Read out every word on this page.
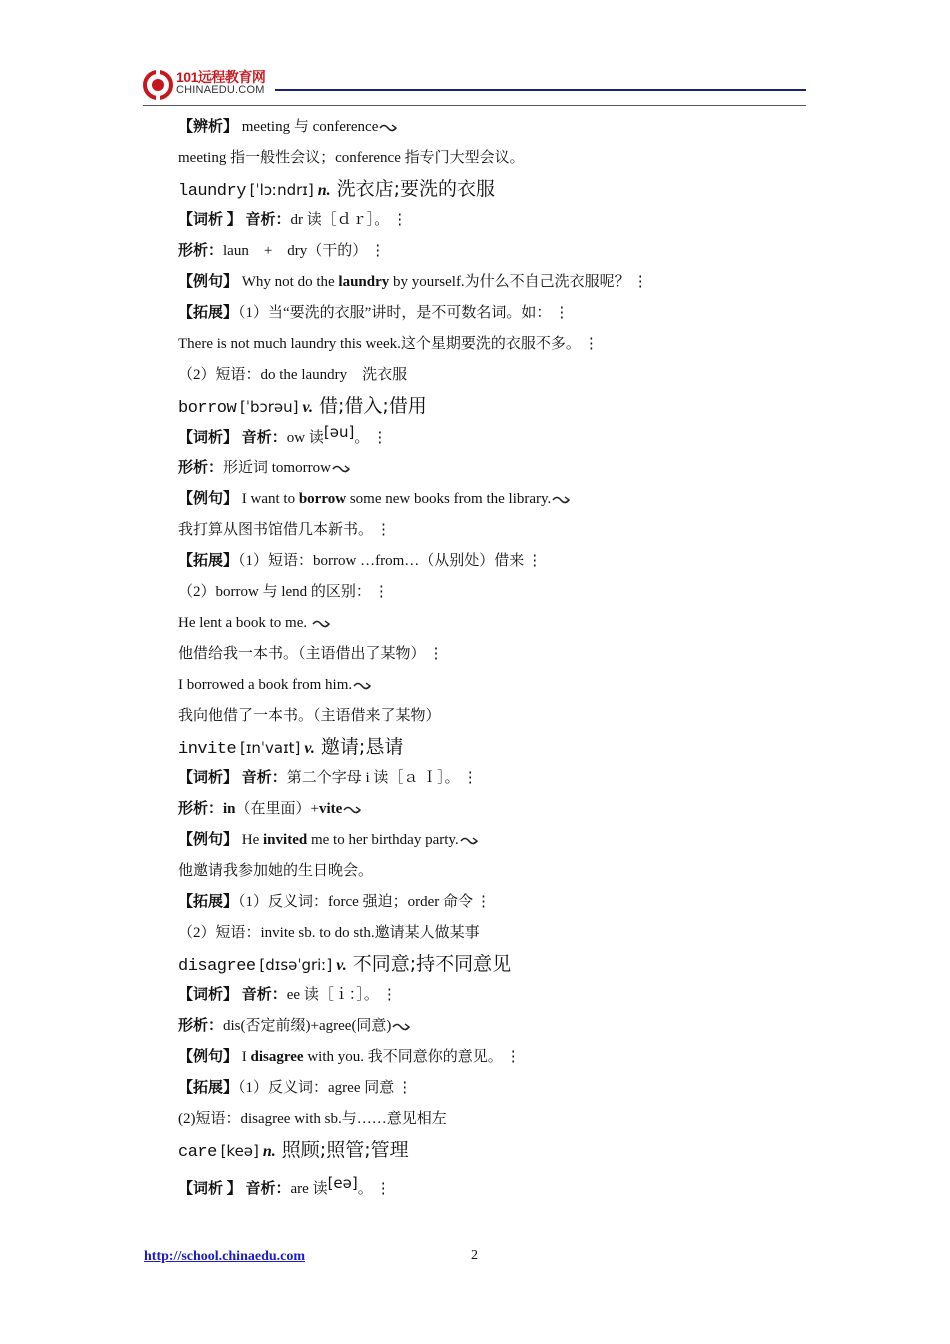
101远程教育网
CHINAEDU.COM
【辨析】 meeting 与 conference
meeting 指一般性会议；conference 指专门大型会议。
laundry [ˈlɔːndrɪ] n. 洗衣店;要洗的衣服
【词析 】 音析：dr 读［ｄｒ］。 ⋮
形析：laun　+　dry（干的） ⋮
【例句】 Why not do the laundry by yourself.为什么不自己洗衣服呢？ ⋮
【拓展】（1）当“要洗的衣服”讲时，是不可数名词。如： ⋮
There is not much laundry this week.这个星期要洗的衣服不多。 ⋮
（2）短语：do the laundry　洗衣服
borrow [ˈbɔrəu] v. 借;借入;借用
【词析】 音析：ow 读[əu]。 ⋮
形析：形近词 tomorrow
【例句】 I want to borrow some new books from the library.
我打算从图书馆借几本新书。 ⋮
【拓展】（1）短语：borrow …from…（从别处）借来 ⋮
（2）borrow 与 lend 的区别： ⋮
He lent a book to me.
他借给我一本书。（主语借出了某物） ⋮
I borrowed a book from him.
我向他借了一本书。（主语借来了某物）
invite [ɪnˈvaɪt] v. 邀请;恳请
【词析】 音析：第二个字母 i 读［ａ Ｉ］。 ⋮
形析：in（在里面）+vite
【例句】 He invited me to her birthday party.
他邀请我参加她的生日晚会。
【拓展】（1）反义词：force 强迫；order 命令 ⋮
（2）短语：invite sb. to do sth.邀请某人做某事
disagree [dɪsəˈgriː] v. 不同意;持不同意见
【词析】 音析：ee 读［ｉ：］。 ⋮
形析：dis(否定前缀)+agree(同意)
【例句】 I disagree with you. 我不同意你的意见。 ⋮
【拓展】（1）反义词：agree 同意 ⋮
(2)短语：disagree with sb.与……意见相左
care [keə] n. 照顾;照管;管理
【词析 】 音析：are 读[eə]。 ⋮
http://school.chinaedu.com	2
